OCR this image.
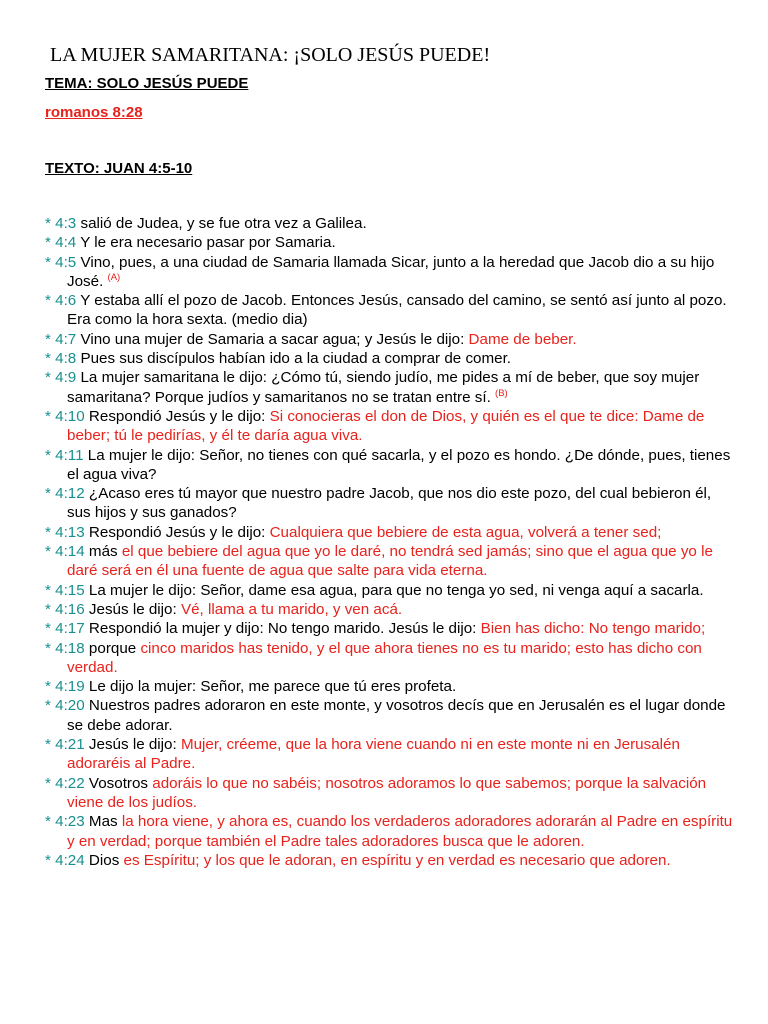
LA MUJER SAMARITANA: ¡SOLO JESÚS PUEDE!
TEMA: SOLO JESÚS PUEDE
romanos 8:28
TEXTO: JUAN 4:5-10

* 4:3 salió de Judea, y se fue otra vez a Galilea.

* 4:4 Y le era necesario pasar por Samaria.

* 4:5 Vino, pues, a una ciudad de Samaria llamada Sicar, junto a la heredad que Jacob dio a su hijo José. $^{(A)}$

* 4:6 Y estaba allí el pozo de Jacob. Entonces Jesús, cansado del camino, se sentó así junto al pozo. Era como la hora sexta. (medio dia)

* 4:7 Vino una mujer de Samaria a sacar agua; y Jesús le dijo: Dame de beber.

* 4:8 Pues sus discípulos habían ido a la ciudad a comprar de comer.

* 4:9 La mujer samaritana le dijo: ¿Cómo tú, siendo judío, me pides a mí de beber, que soy mujer samaritana? Porque judíos y samaritanos no se tratan entre sí. $^{(B)}$

* 4:10 Respondió Jesús y le dijo: Si conocieras el don de Dios, y quién es el que te dice: Dame de beber; tú le pedirías, y él te daría agua viva.

* 4:11 La mujer le dijo: Señor, no tienes con qué sacarla, y el pozo es hondo. ¿De dónde, pues, tienes el agua viva?

* 4:12 ¿Acaso eres tú mayor que nuestro padre Jacob, que nos dio este pozo, del cual bebieron él, sus hijos y sus ganados?

* 4:13 Respondió Jesús y le dijo: Cualquiera que bebiere de esta agua, volverá a tener sed;

* 4:14 más el que bebiere del agua que yo le daré, no tendrá sed jamás; sino que el agua que yo le daré será en él una fuente de agua que salte para vida eterna.

* 4:15 La mujer le dijo: Señor, dame esa agua, para que no tenga yo sed, ni venga aquí a sacarla.

* 4:16 Jesús le dijo: Vé, llama a tu marido, y ven acá.

* 4:17 Respondió la mujer y dijo: No tengo marido. Jesús le dijo: Bien has dicho: No tengo marido;

* 4:18 porque cinco maridos has tenido, y el que ahora tienes no es tu marido; esto has dicho con verdad.

* 4:19 Le dijo la mujer: Señor, me parece que tú eres profeta.

* 4:20 Nuestros padres adoraron en este monte, y vosotros decís que en Jerusalén es el lugar donde se debe adorar.

* 4:21 Jesús le dijo: Mujer, créeme, que la hora viene cuando ni en este monte ni en Jerusalén adoraréis al Padre.

* 4:22 Vosotros adoráis lo que no sabéis; nosotros adoramos lo que sabemos; porque la salvación viene de los judíos.

* 4:23 Mas la hora viene, y ahora es, cuando los verdaderos adoradores adorarán al Padre en espíritu y en verdad; porque también el Padre tales adoradores busca que le adoren.

* 4:24 Dios es Espíritu; y los que le adoran, en espíritu y en verdad es necesario que adoren.
